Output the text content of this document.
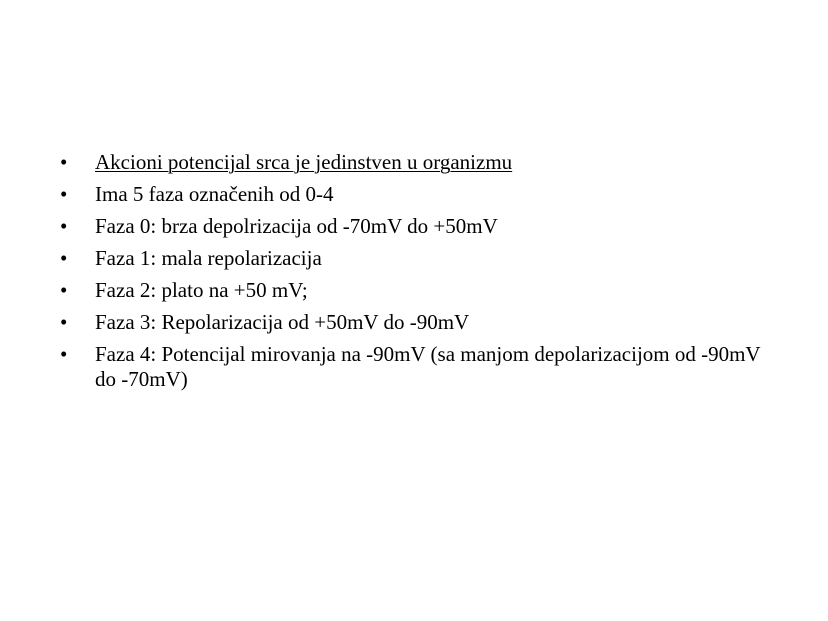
•	Akcioni potencijal srca je jedinstven u organizmu
•	Ima 5 faza označenih od 0-4
•	Faza 0: brza depolrizacija od -70mV do +50mV
•	Faza 1: mala repolarizacija
•	Faza 2: plato na +50 mV;
•	Faza 3: Repolarizacija od +50mV do -90mV
•	Faza 4: Potencijal mirovanja na -90mV (sa manjom depolarizacijom od -90mV do -70mV)
